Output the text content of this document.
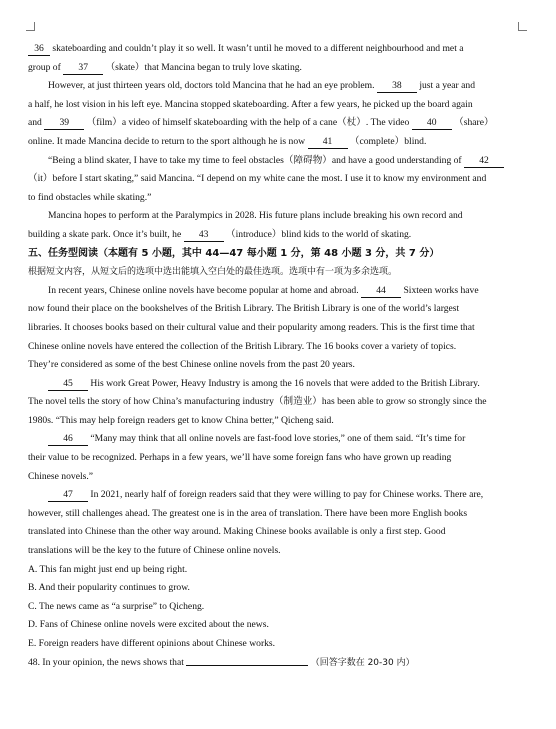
36 skateboarding and couldn’t play it so well. It wasn’t until he moved to a different neighbourhood and met a
group of 37 （skate）that Mancina began to truly love skating.
However, at just thirteen years old, doctors told Mancina that he had an eye problem. 38 just a year and
a half, he lost vision in his left eye. Mancina stopped skateboarding. After a few years, he picked up the board again
and 39 （film）a video of himself skateboarding with the help of a cane（杖）. The video 40 （share）
online. It made Mancina decide to return to the sport although he is now 41 （complete）blind.
“Being a blind skater, I have to take my time to feel obstacles（障碍物）and have a good understanding of 42
（it）before I start skating,” said Mancina. “I depend on my white cane the most. I use it to know my environment and
to find obstacles while skating.”
Mancina hopes to perform at the Paralympics in 2028. His future plans include breaking his own record and
building a skate park. Once it’s built, he 43 （introduce）blind kids to the world of skating.
五、任务型阅读（本题有 5 小题，其中 44—47 每小题 1 分，第 48 小题 3 分，共 7 分）
根据短文内容，从短文后的选项中选出能填入空白处的最佳选项。选项中有一项为多余选项。
In recent years, Chinese online novels have become popular at home and abroad. 44 Sixteen works have
now found their place on the bookshelves of the British Library. The British Library is one of the world’s largest
libraries. It chooses books based on their cultural value and their popularity among readers. This is the first time that
Chinese online novels have entered the collection of the British Library. The 16 books cover a variety of topics.
They’re considered as some of the best Chinese online novels from the past 20 years.
45 His work Great Power, Heavy Industry is among the 16 novels that were added to the British Library.
The novel tells the story of how China’s manufacturing industry（制造业）has been able to grow so strongly since the
1980s. “This may help foreign readers get to know China better,” Qicheng said.
46 “Many may think that all online novels are fast-food love stories,” one of them said. “It’s time for
their value to be recognized. Perhaps in a few years, we’ll have some foreign fans who have grown up reading
Chinese novels.”
47 In 2021, nearly half of foreign readers said that they were willing to pay for Chinese works. There are,
however, still challenges ahead. The greatest one is in the area of translation. There have been more English books
translated into Chinese than the other way around. Making Chinese books available is only a first step. Good
translations will be the key to the future of Chinese online novels.
A. This fan might just end up being right.
B. And their popularity continues to grow.
C. The news came as “a surprise” to Qicheng.
D. Fans of Chinese online novels were excited about the news.
E. Foreign readers have different opinions about Chinese works.
48. In your opinion, the news shows that	（回答字数在 20-30 内）
